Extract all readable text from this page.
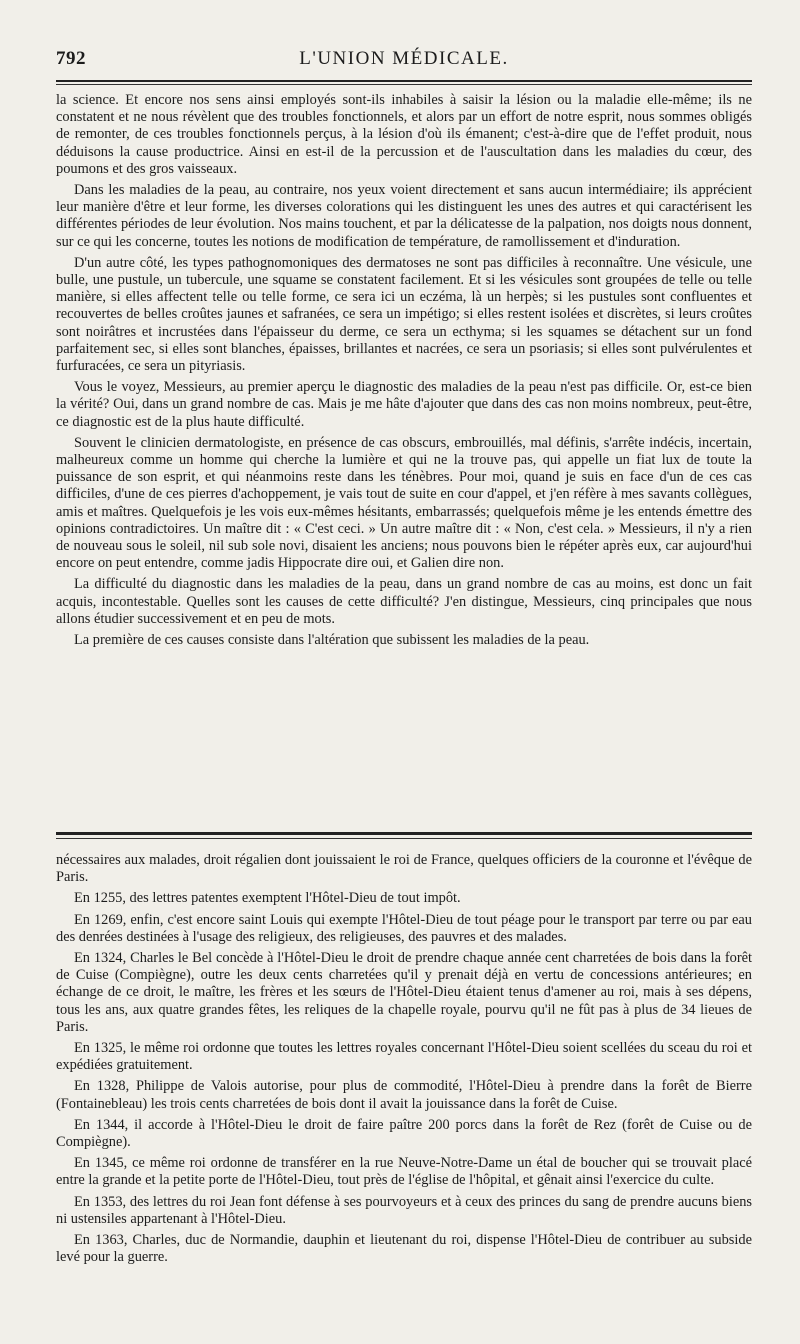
792	L'UNION MÉDICALE.

la science. Et encore nos sens ainsi employés sont-ils inhabiles à saisir la lésion ou la maladie elle-même; ils ne constatent et ne nous révèlent que des troubles fonctionnels, et alors par un effort de notre esprit, nous sommes obligés de remonter, de ces troubles fonctionnels perçus, à la lésion d'où ils émanent; c'est-à-dire que de l'effet produit, nous déduisons la cause productrice. Ainsi en est-il de la percussion et de l'auscultation dans les maladies du cœur, des poumons et des gros vaisseaux.

Dans les maladies de la peau, au contraire, nos yeux voient directement et sans aucun intermédiaire; ils apprécient leur manière d'être et leur forme, les diverses colorations qui les distinguent les unes des autres et qui caractérisent les différentes périodes de leur évolution. Nos mains touchent, et par la délicatesse de la palpation, nos doigts nous donnent, sur ce qui les concerne, toutes les notions de modification de température, de ramollissement et d'induration.

D'un autre côté, les types pathognomoniques des dermatoses ne sont pas difficiles à reconnaître. Une vésicule, une bulle, une pustule, un tubercule, une squame se constatent facilement. Et si les vésicules sont groupées de telle ou telle manière, si elles affectent telle ou telle forme, ce sera ici un eczéma, là un herpès; si les pustules sont confluentes et recouvertes de belles croûtes jaunes et safranées, ce sera un impétigo; si elles restent isolées et discrètes, si leurs croûtes sont noirâtres et incrustées dans l'épaisseur du derme, ce sera un ecthyma; si les squames se détachent sur un fond parfaitement sec, si elles sont blanches, épaisses, brillantes et nacrées, ce sera un psoriasis; si elles sont pulvérulentes et furfuracées, ce sera un pityriasis.

Vous le voyez, Messieurs, au premier aperçu le diagnostic des maladies de la peau n'est pas difficile. Or, est-ce bien la vérité? Oui, dans un grand nombre de cas. Mais je me hâte d'ajouter que dans des cas non moins nombreux, peut-être, ce diagnostic est de la plus haute difficulté.

Souvent le clinicien dermatologiste, en présence de cas obscurs, embrouillés, mal définis, s'arrête indécis, incertain, malheureux comme un homme qui cherche la lumière et qui ne la trouve pas, qui appelle un fiat lux de toute la puissance de son esprit, et qui néanmoins reste dans les ténèbres. Pour moi, quand je suis en face d'un de ces cas difficiles, d'une de ces pierres d'achoppement, je vais tout de suite en cour d'appel, et j'en réfère à mes savants collègues, amis et maîtres. Quelquefois je les vois eux-mêmes hésitants, embarrassés; quelquefois même je les entends émettre des opinions contradictoires. Un maître dit : « C'est ceci. » Un autre maître dit : « Non, c'est cela. » Messieurs, il n'y a rien de nouveau sous le soleil, nil sub sole novi, disaient les anciens; nous pouvons bien le répéter après eux, car aujourd'hui encore on peut entendre, comme jadis Hippocrate dire oui, et Galien dire non.

La difficulté du diagnostic dans les maladies de la peau, dans un grand nombre de cas au moins, est donc un fait acquis, incontestable. Quelles sont les causes de cette difficulté? J'en distingue, Messieurs, cinq principales que nous allons étudier successivement et en peu de mots.

La première de ces causes consiste dans l'altération que subissent les maladies de la peau.

nécessaires aux malades, droit régalien dont jouissaient le roi de France, quelques officiers de la couronne et l'évêque de Paris.

En 1255, des lettres patentes exemptent l'Hôtel-Dieu de tout impôt.

En 1269, enfin, c'est encore saint Louis qui exempte l'Hôtel-Dieu de tout péage pour le transport par terre ou par eau des denrées destinées à l'usage des religieux, des religieuses, des pauvres et des malades.

En 1324, Charles le Bel concède à l'Hôtel-Dieu le droit de prendre chaque année cent charretées de bois dans la forêt de Cuise (Compiègne), outre les deux cents charretées qu'il y prenait déjà en vertu de concessions antérieures; en échange de ce droit, le maître, les frères et les sœurs de l'Hôtel-Dieu étaient tenus d'amener au roi, mais à ses dépens, tous les ans, aux quatre grandes fêtes, les reliques de la chapelle royale, pourvu qu'il ne fût pas à plus de 34 lieues de Paris.

En 1325, le même roi ordonne que toutes les lettres royales concernant l'Hôtel-Dieu soient scellées du sceau du roi et expédiées gratuitement.

En 1328, Philippe de Valois autorise, pour plus de commodité, l'Hôtel-Dieu à prendre dans la forêt de Bierre (Fontainebleau) les trois cents charretées de bois dont il avait la jouissance dans la forêt de Cuise.

En 1344, il accorde à l'Hôtel-Dieu le droit de faire paître 200 porcs dans la forêt de Rez (forêt de Cuise ou de Compiègne).

En 1345, ce même roi ordonne de transférer en la rue Neuve-Notre-Dame un étal de boucher qui se trouvait placé entre la grande et la petite porte de l'Hôtel-Dieu, tout près de l'église de l'hôpital, et gênait ainsi l'exercice du culte.

En 1353, des lettres du roi Jean font défense à ses pourvoyeurs et à ceux des princes du sang de prendre aucuns biens ni ustensiles appartenant à l'Hôtel-Dieu.

En 1363, Charles, duc de Normandie, dauphin et lieutenant du roi, dispense l'Hôtel-Dieu de contribuer au subside levé pour la guerre.
